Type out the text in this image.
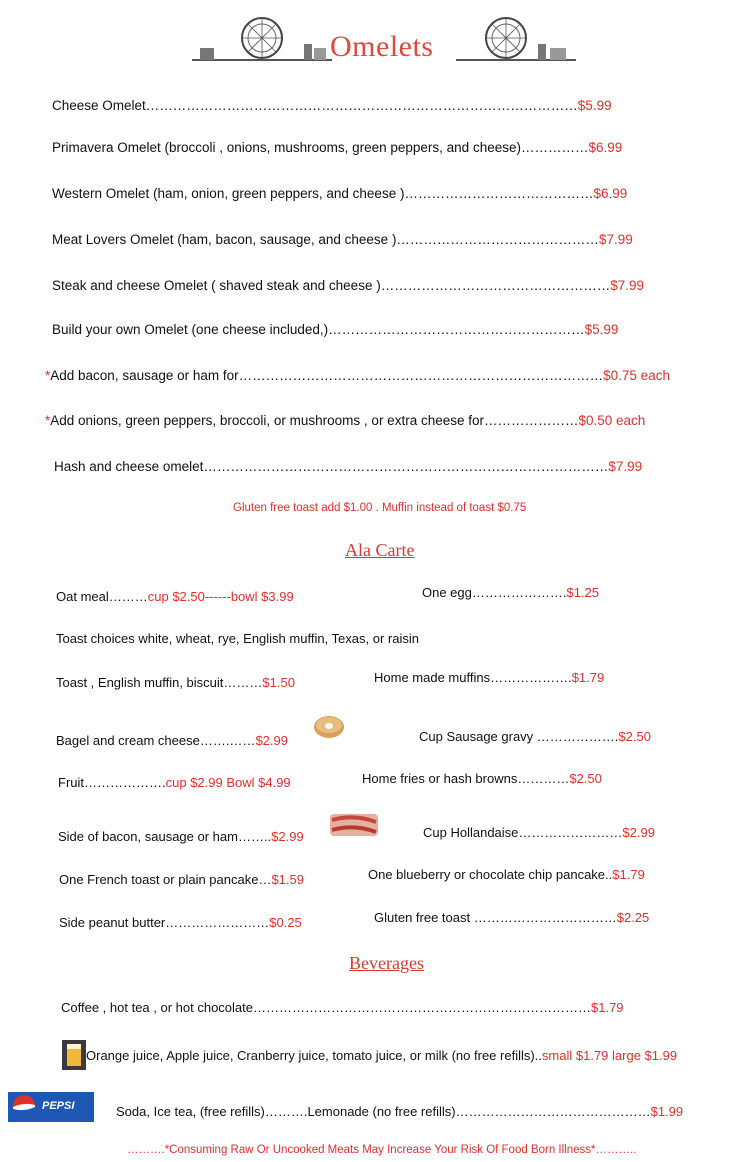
Omelets
Cheese Omelet……………………………………………………………………………………$5.99
Primavera Omelet (broccoli , onions, mushrooms, green peppers, and cheese)……………$6.99
Western Omelet (ham, onion, green peppers, and cheese )……………………………………$6.99
Meat Lovers Omelet (ham, bacon, sausage, and cheese )………………………………………$7.99
Steak and cheese Omelet ( shaved steak and cheese )……………………………………………$7.99
Build your own Omelet (one cheese included,)…………………………………………………$5.99
*Add bacon, sausage or ham for………………………………………………………………………$0.75 each
*Add onions, green peppers, broccoli, or mushrooms , or extra cheese for…………………$0.50 each
Hash and cheese omelet………………………………………………………………………………$7.99
Gluten free toast add $1.00 . Muffin instead of toast $0.75
Ala Carte
Oat meal………cup $2.50------bowl $3.99	One egg………………….$1.25
Toast choices white, wheat, rye, English muffin, Texas, or raisin
Toast , English muffin, biscuit………$1.50	Home made muffins……………….$1.79
Bagel and cream cheese…….……$2.99	Cup Sausage gravy ……………….$2.50
Fruit……………….cup $2.99 Bowl $4.99	Home fries or hash browns…………$2.50
Side of bacon, sausage or ham……..$2.99	Cup Hollandaise……………………$2.99
One French toast or plain pancake…$1.59	One blueberry or chocolate chip pancake..$1.79
Side peanut butter……………………$0.25	Gluten free toast ……………………………$2.25
Beverages
Coffee , hot tea , or hot chocolate……………………………………………………………………$1.79
Orange juice, Apple juice, Cranberry juice, tomato juice, or milk (no free refills)..small $1.79 large $1.99
PEPSI	Soda, Ice tea, (free refills)……….Lemonade (no free refills)………………………………………$1.99
……….*Consuming Raw Or Uncooked Meats May Increase Your Risk Of Food Born Illness*………..
